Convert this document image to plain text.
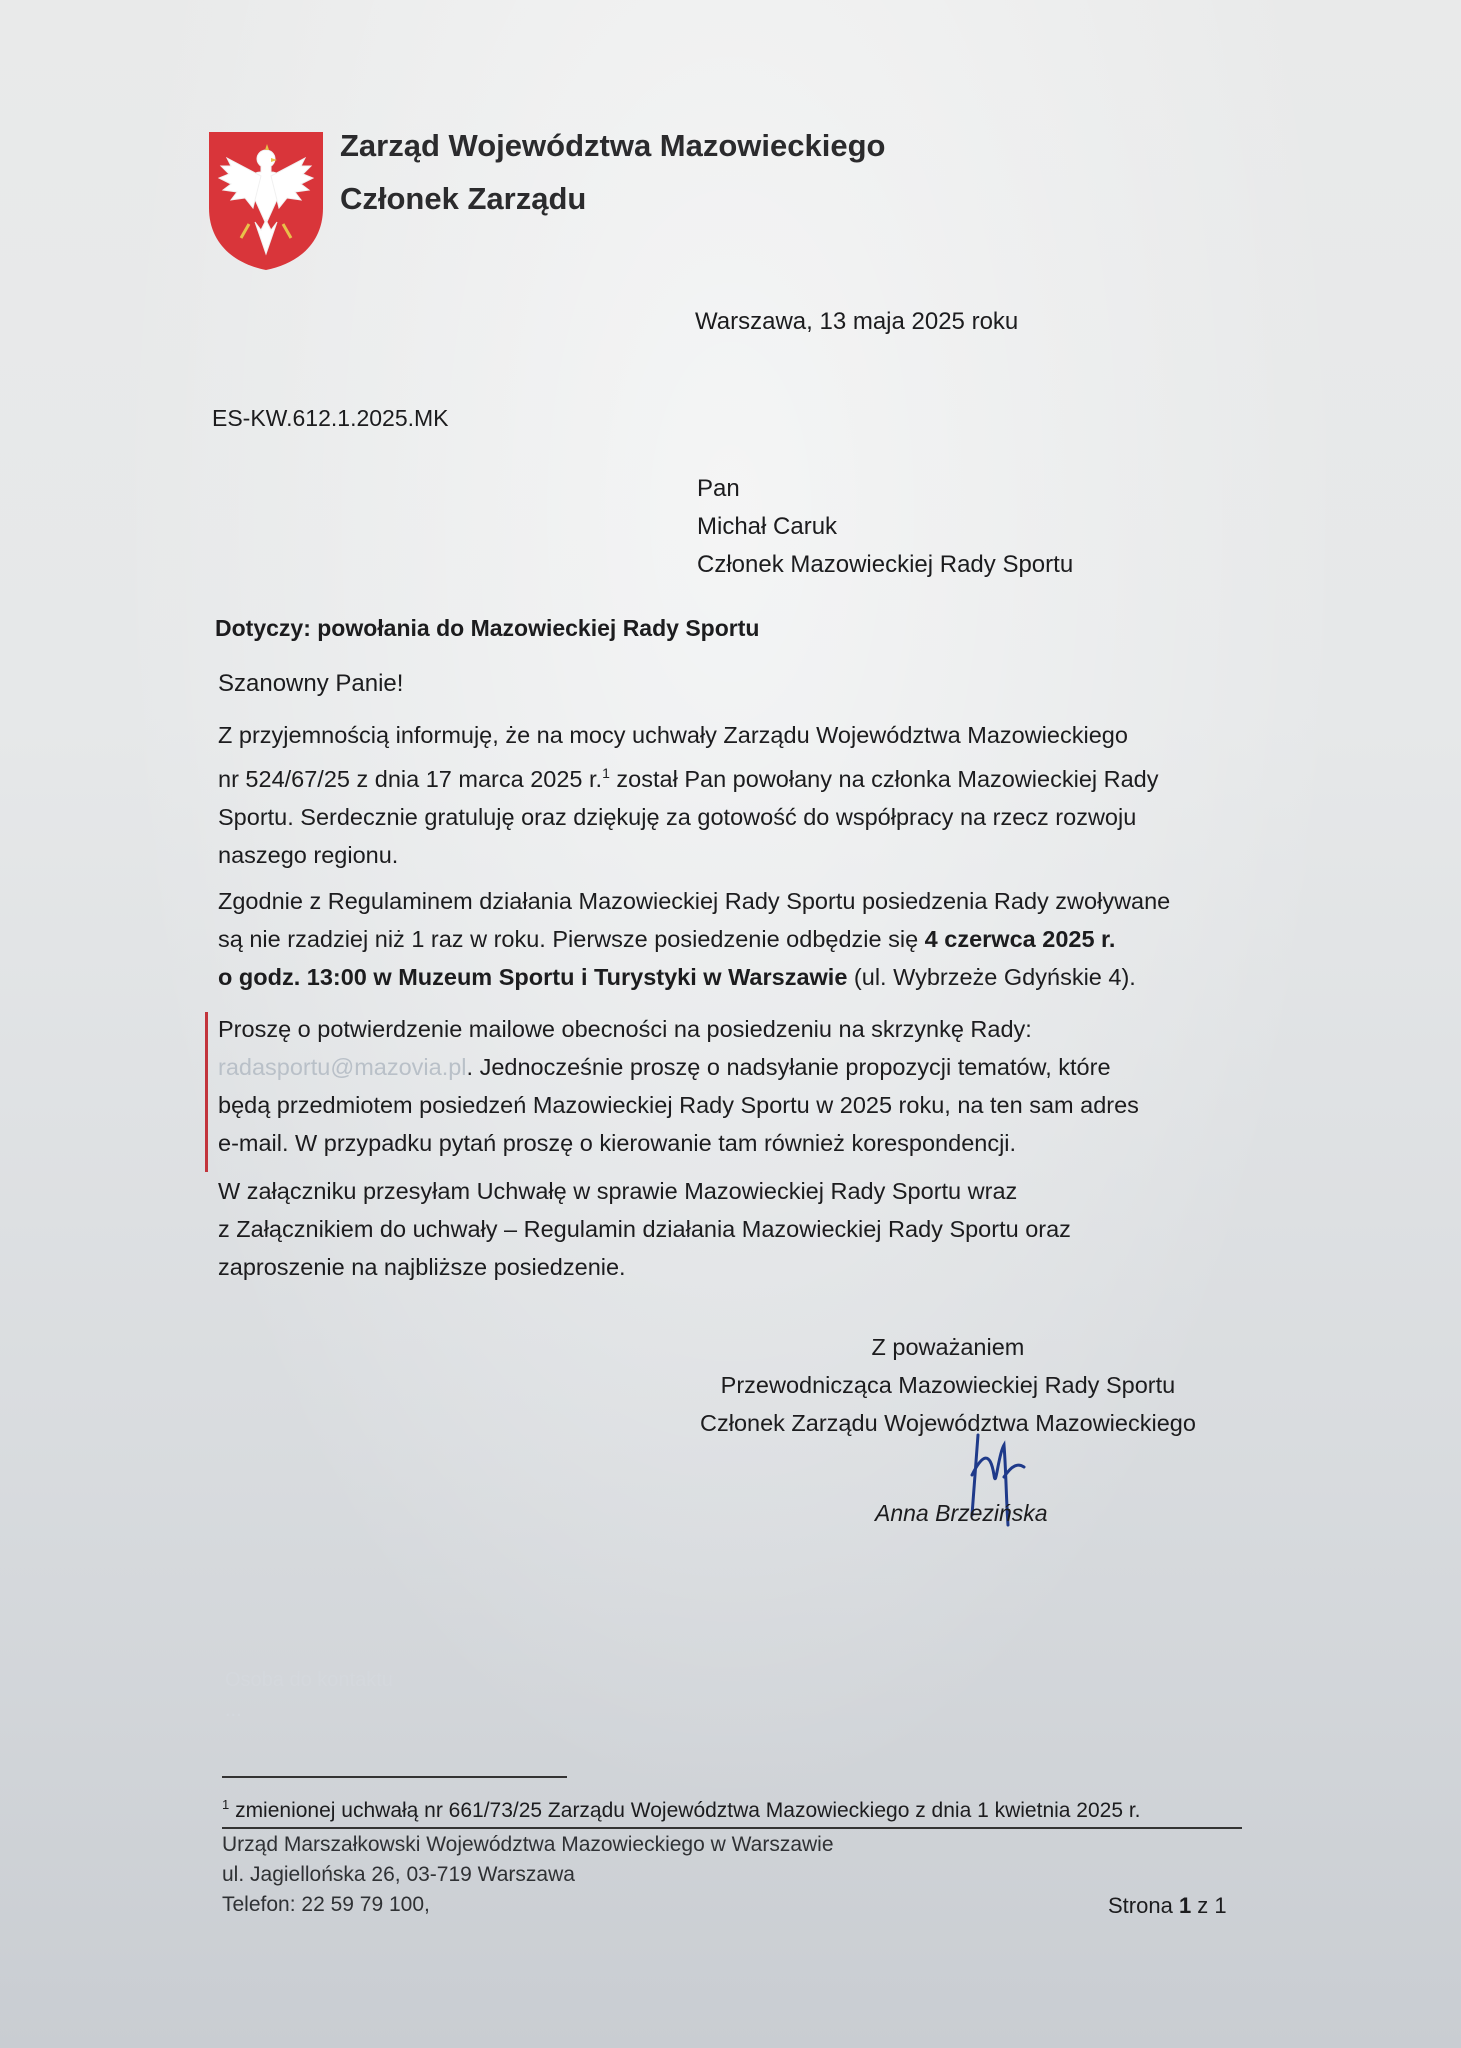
Zarząd Województwa Mazowieckiego
Członek Zarządu
Warszawa, 13 maja 2025 roku
ES-KW.612.1.2025.MK
Pan
Michał Caruk
Członek Mazowieckiej Rady Sportu
Dotyczy: powołania do Mazowieckiej Rady Sportu
Szanowny Panie!
Z przyjemnością informuję, że na mocy uchwały Zarządu Województwa Mazowieckiego
nr 524/67/25 z dnia 17 marca 2025 r.$^1$ został Pan powołany na członka Mazowieckiej Rady
Sportu. Serdecznie gratuluję oraz dziękuję za gotowość do współpracy na rzecz rozwoju
naszego regionu.
Zgodnie z Regulaminem działania Mazowieckiej Rady Sportu posiedzenia Rady zwoływane
są nie rzadziej niż 1 raz w roku. Pierwsze posiedzenie odbędzie się 4 czerwca 2025 r.
o godz. 13:00 w Muzeum Sportu i Turystyki w Warszawie (ul. Wybrzeże Gdyńskie 4).
Proszę o potwierdzenie mailowe obecności na posiedzeniu na skrzynkę Rady:
radasportu@mazovia.pl. Jednocześnie proszę o nadsyłanie propozycji tematów, które
będą przedmiotem posiedzeń Mazowieckiej Rady Sportu w 2025 roku, na ten sam adres
e-mail. W przypadku pytań proszę o kierowanie tam również korespondencji.
W załączniku przesyłam Uchwałę w sprawie Mazowieckiej Rady Sportu wraz
z Załącznikiem do uchwały – Regulamin działania Mazowieckiej Rady Sportu oraz
zaproszenie na najbliższe posiedzenie.
Z poważaniem
Przewodnicząca Mazowieckiej Rady Sportu
Członek Zarządu Województwa Mazowieckiego
Anna Brzezińska
Osoba do kontaktu
...
$^1$ zmienionej uchwałą nr 661/73/25 Zarządu Województwa Mazowieckiego z dnia 1 kwietnia 2025 r.
Urząd Marszałkowski Województwa Mazowieckiego w Warszawie
ul. Jagiellońska 26, 03-719 Warszawa
Telefon: 22 59 79 100,	Strona 1 z 1
